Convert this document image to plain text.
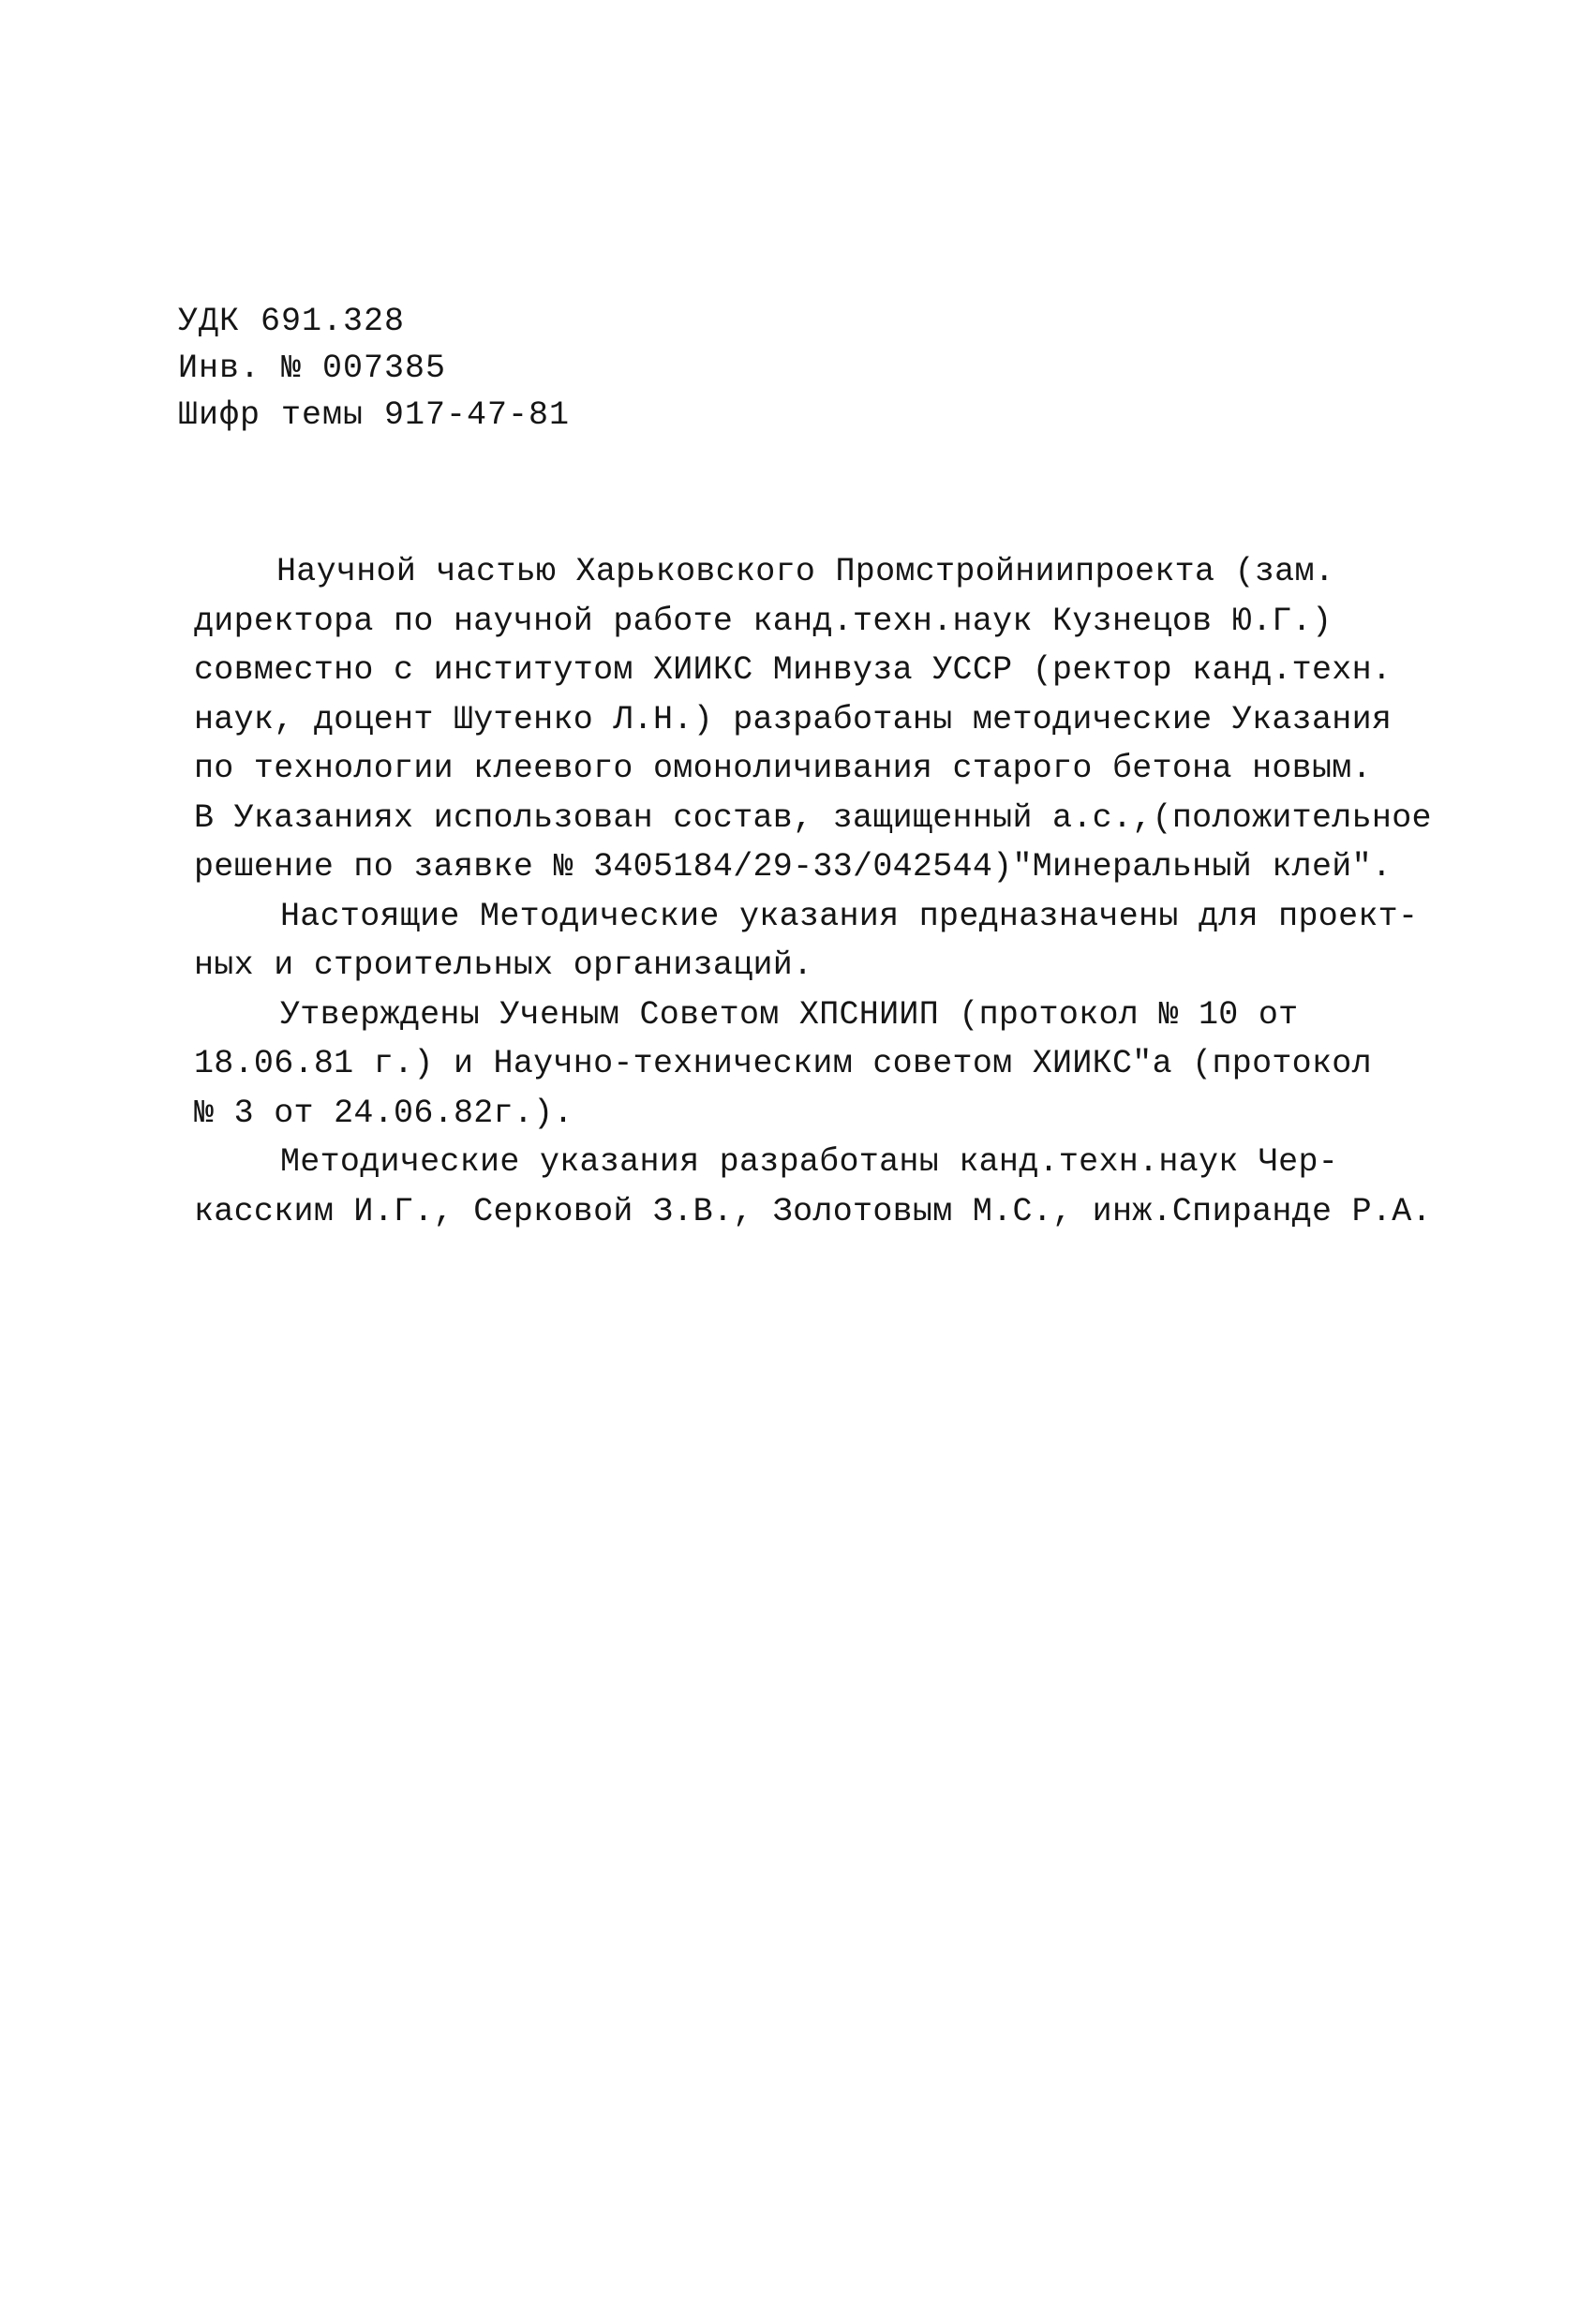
УДК 691.328
Инв. № 007385
Шифр темы 917-47-81
Научной частью Харьковского Промстройниипроекта (зам.
директора по научной работе канд.техн.наук Кузнецов Ю.Г.)
совместно с институтом ХИИКС Минвуза УССР (ректор канд.техн.
наук, доцент Шутенко Л.Н.) разработаны методические Указания
по технологии клеевого омоноличивания старого бетона новым.
В Указаниях использован состав, защищенный а.с.,(положительное
решение по заявке № 3405184/29-33/042544)"Минеральный клей".
Настоящие Методические указания предназначены для проект-
ных и строительных организаций.
Утверждены Ученым Советом ХПСНИИП (протокол № 10 от
18.06.81 г.) и Научно-техническим советом ХИИКС"а (протокол
№ 3 от 24.06.82г.).
Методические указания разработаны канд.техн.наук Чер-
касским И.Г., Серковой З.В., Золотовым М.С., инж.Спиранде Р.А.
